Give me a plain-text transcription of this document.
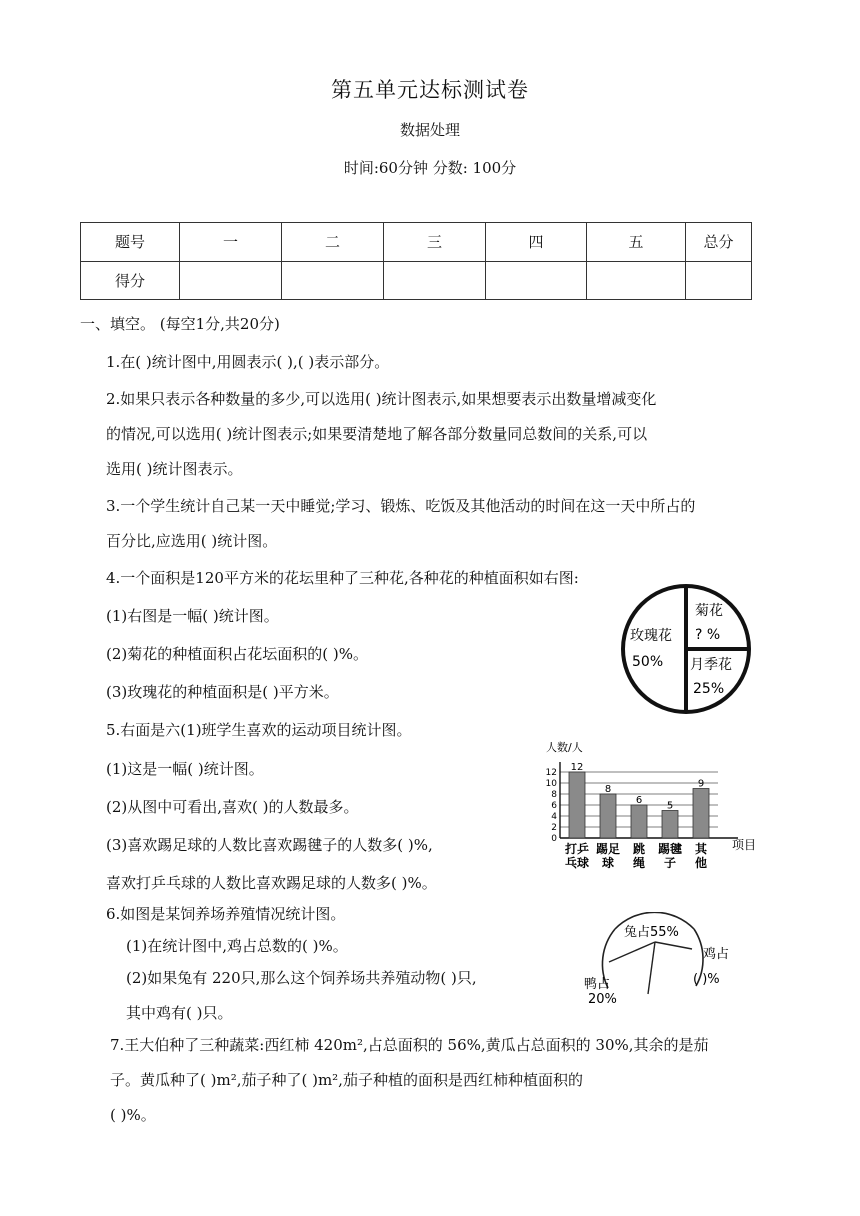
第五单元达标测试卷
数据处理
时间:60分钟 分数: 100分
题号	一	二	三	四	五	总分
得分						
一、填空。 (每空1分,共20分)
1.在( )统计图中,用圆表示( ),( )表示部分。
2.如果只表示各种数量的多少,可以选用( )统计图表示,如果想要表示出数量增减变化
的情况,可以选用( )统计图表示;如果要清楚地了解各部分数量同总数间的关系,可以
选用( )统计图表示。
3.一个学生统计自己某一天中睡觉;学习、锻炼、吃饭及其他活动的时间在这一天中所占的
百分比,应选用( )统计图。
4.一个面积是120平方米的花坛里种了三种花,各种花的种植面积如右图:
(1)右图是一幅( )统计图。
(2)菊花的种植面积占花坛面积的( )%。
(3)玫瑰花的种植面积是( )平方米。
5.右面是六(1)班学生喜欢的运动项目统计图。
(1)这是一幅( )统计图。
(2)从图中可看出,喜欢( )的人数最多。
(3)喜欢踢足球的人数比喜欢踢毽子的人数多( )%,
喜欢打乒乓球的人数比喜欢踢足球的人数多( )%。
6.如图是某饲养场养殖情况统计图。
(1)在统计图中,鸡占总数的( )%。
(2)如果兔有 220只,那么这个饲养场共养殖动物( )只,
其中鸡有( )只。
7.王大伯种了三种蔬菜:西红柿 420m²,占总面积的 56%,黄瓜占总面积的 30%,其余的是茄
子。黄瓜种了( )m²,茄子种了( )m²,茄子种植的面积是西红柿种植面积的
( )%。
玫瑰花
50%
菊花
? %
月季花
25%
人数/人
项目
12
8
6 5
9
0
2
4
6
8
10
12
打乒乓球
踢足球
跳绳
踢毽子
其他
兔占55%
鸭占
20%
鸡占
( )%
